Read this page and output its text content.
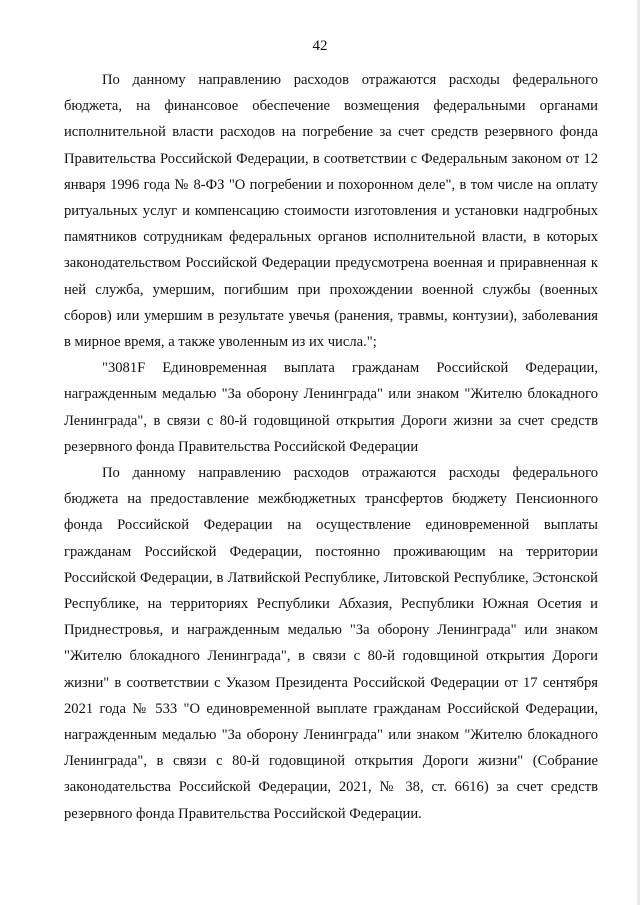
42

По данному направлению расходов отражаются расходы федерального бюджета, на финансовое обеспечение возмещения федеральными органами исполнительной власти расходов на погребение за счет средств резервного фонда Правительства Российской Федерации, в соответствии с Федеральным законом от 12 января 1996 года № 8-ФЗ "О погребении и похоронном деле", в том числе на оплату ритуальных услуг и компенсацию стоимости изготовления и установки надгробных памятников сотрудникам федеральных органов исполнительной власти, в которых законодательством Российской Федерации предусмотрена военная и приравненная к ней служба, умершим, погибшим при прохождении военной службы (военных сборов) или умершим в результате увечья (ранения, травмы, контузии), заболевания в мирное время, а также уволенным из их числа.";

"3081F Единовременная выплата гражданам Российской Федерации, награжденным медалью "За оборону Ленинграда" или знаком "Жителю блокадного Ленинграда", в связи с 80-й годовщиной открытия Дороги жизни за счет средств резервного фонда Правительства Российской Федерации

По данному направлению расходов отражаются расходы федерального бюджета на предоставление межбюджетных трансфертов бюджету Пенсионного фонда Российской Федерации на осуществление единовременной выплаты гражданам Российской Федерации, постоянно проживающим на территории Российской Федерации, в Латвийской Республике, Литовской Республике, Эстонской Республике, на территориях Республики Абхазия, Республики Южная Осетия и Приднестровья, и награжденным медалью "За оборону Ленинграда" или знаком "Жителю блокадного Ленинграда", в связи с 80-й годовщиной открытия Дороги жизни" в соответствии с Указом Президента Российской Федерации от 17 сентября 2021 года № 533 "О единовременной выплате гражданам Российской Федерации, награжденным медалью "За оборону Ленинграда" или знаком "Жителю блокадного Ленинграда", в связи с 80-й годовщиной открытия Дороги жизни" (Собрание законодательства Российской Федерации, 2021, № 38, ст. 6616) за счет средств резервного фонда Правительства Российской Федерации.
